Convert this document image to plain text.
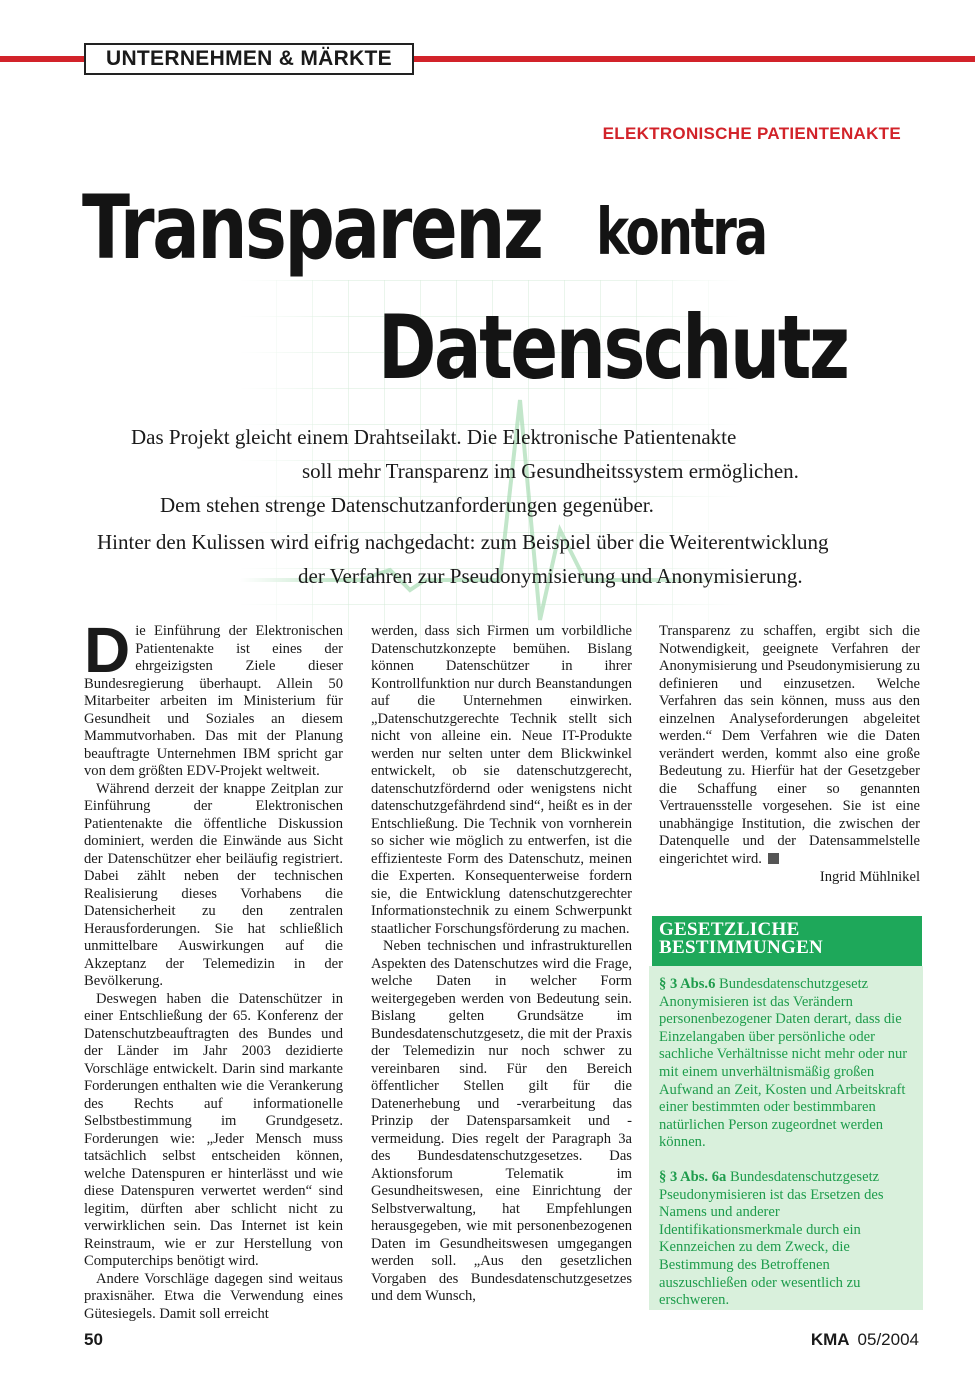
UNTERNEHMEN & MÄRKTE
ELEKTRONISCHE PATIENTENAKTE
Transparenz kontra
Datenschutz
Das Projekt gleicht einem Drahtseilakt. Die Elektronische Patientenakte
soll mehr Transparenz im Gesundheitssystem ermöglichen.
Dem stehen strenge Datenschutzanforderungen gegenüber.
Hinter den Kulissen wird eifrig nachgedacht: zum Beispiel über die Weiterentwicklung
der Verfahren zur Pseudonymisierung und Anonymisierung.

Die Einführung der Elektronischen Patientenakte ist eines der ehrgeizigsten Ziele dieser Bundesregierung überhaupt. Allein 50 Mitarbeiter arbeiten im Ministerium für Gesundheit und Soziales an diesem Mammutvorhaben. Das mit der Planung beauftragte Unternehmen IBM spricht gar von dem größten EDV-Projekt weltweit.

Während derzeit der knappe Zeitplan zur Einführung der Elektronischen Patientenakte die öffentliche Diskussion dominiert, werden die Einwände aus Sicht der Datenschützer eher beiläufig registriert. Dabei zählt neben der technischen Realisierung dieses Vorhabens die Datensicherheit zu den zentralen Herausforderungen. Sie hat schließlich unmittelbare Auswirkungen auf die Akzeptanz der Telemedizin in der Bevölkerung.

Deswegen haben die Datenschützer in einer Entschließung der 65. Konferenz der Datenschutzbeauftragten des Bundes und der Länder im Jahr 2003 dezidierte Vorschläge entwickelt. Darin sind markante Forderungen enthalten wie die Verankerung des Rechts auf informationelle Selbstbestimmung im Grundgesetz. Forderungen wie: „Jeder Mensch muss tatsächlich selbst entscheiden können, welche Datenspuren er hinterlässt und wie diese Datenspuren verwertet werden“ sind legitim, dürften aber schlicht nicht zu verwirklichen sein. Das Internet ist kein Reinstraum, wie er zur Herstellung von Computerchips benötigt wird.

Andere Vorschläge dagegen sind weitaus praxisnäher. Etwa die Verwendung eines Gütesiegels. Damit soll erreicht

werden, dass sich Firmen um vorbildliche Datenschutzkonzepte bemühen. Bislang können Datenschützer in ihrer Kontrollfunktion nur durch Beanstandungen auf die Unternehmen einwirken. „Datenschutzgerechte Technik stellt sich nicht von alleine ein. Neue IT-Produkte werden nur selten unter dem Blickwinkel entwickelt, ob sie datenschutzgerecht, datenschutzfördernd oder wenigstens nicht datenschutzgefährdend sind“, heißt es in der Entschließung. Die Technik von vornherein so sicher wie möglich zu entwerfen, ist die effizienteste Form des Datenschutz, meinen die Experten. Konsequenterweise fordern sie, die Entwicklung datenschutzgerechter Informationstechnik zu einem Schwerpunkt staatlicher Forschungsförderung zu machen.

Neben technischen und infrastrukturellen Aspekten des Datenschutzes wird die Frage, welche Daten in welcher Form weitergegeben werden von Bedeutung sein. Bislang gelten Grundsätze im Bundesdatenschutzgesetz, die mit der Praxis der Telemedizin nur noch schwer zu vereinbaren sind. Für den Bereich öffentlicher Stellen gilt für die Datenerhebung und -verarbeitung das Prinzip der Datensparsamkeit und -vermeidung. Dies regelt der Paragraph 3a des Bundesdatenschutzgesetzes. Das Aktionsforum Telematik im Gesundheitswesen, eine Einrichtung der Selbstverwaltung, hat Empfehlungen herausgegeben, wie mit personenbezogenen Daten im Gesundheitswesen umgegangen werden soll. „Aus den gesetzlichen Vorgaben des Bundesdatenschutzgesetzes und dem Wunsch,

Transparenz zu schaffen, ergibt sich die Notwendigkeit, geeignete Verfahren der Anonymisierung und Pseudonymisierung zu definieren und einzusetzen. Welche Verfahren das sein können, muss aus den einzelnen Analyseforderungen abgeleitet werden.“ Dem Verfahren wie die Daten verändert werden, kommt also eine große Bedeutung zu. Hierfür hat der Gesetzgeber die Schaffung einer so genannten Vertrauensstelle vorgesehen. Sie ist eine unabhängige Institution, die zwischen der Datenquelle und der Datensammelstelle eingerichtet wird.

Ingrid Mühlnikel

§ 3 Abs.6 Bundesdatenschutzgesetz Anonymisieren ist das Verändern personenbezogener Daten derart, dass die Einzelangaben über persönliche oder sachliche Verhältnisse nicht mehr oder nur mit einem unverhältnismäßig großen Aufwand an Zeit, Kosten und Arbeitskraft einer bestimmten oder bestimmbaren natürlichen Person zugeordnet werden können.

§ 3 Abs. 6a Bundesdatenschutzgesetz Pseudonymisieren ist das Ersetzen des Namens und anderer Identifikationsmerkmale durch ein Kennzeichen zu dem Zweck, die Bestimmung des Betroffenen auszuschließen oder wesentlich zu erschweren.

GESETZLICHE
BESTIMMUNGEN
50	KMA 05/2004
